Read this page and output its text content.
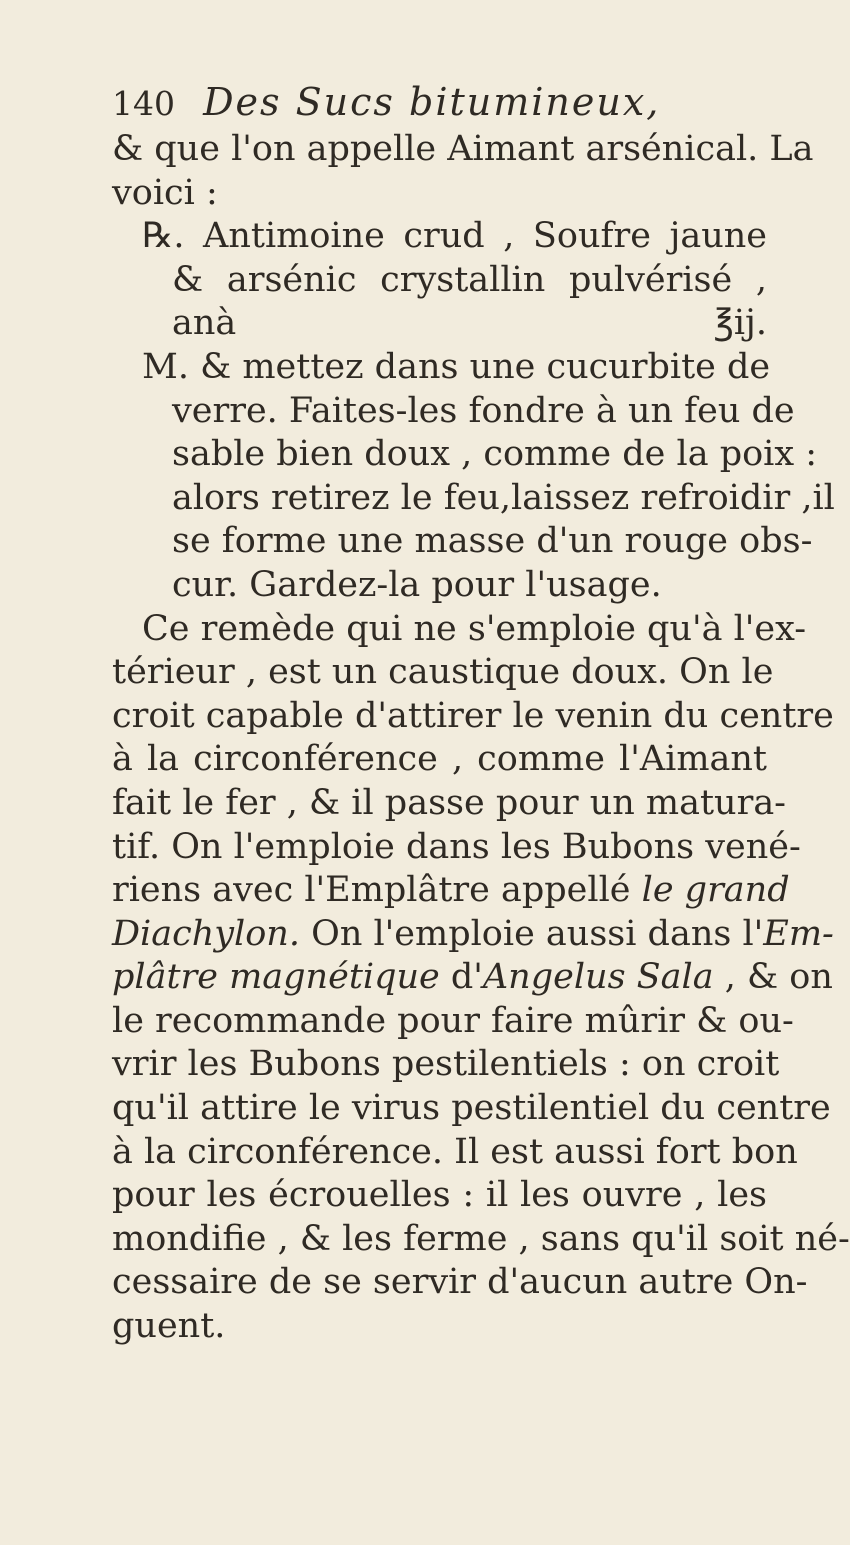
140 Des Sucs bitumineux,
& que l'on appelle Aimant arsénical. La
voici :
℞. Antimoine crud , Soufre jaune
& arsénic crystallin pulvérisé ,
anà	℥ij.
M. & mettez dans une cucurbite de
verre. Faites-les fondre à un feu de
sable bien doux , comme de la poix :
alors retirez le feu,laissez refroidir ,il
se forme une masse d'un rouge obs-
cur. Gardez-la pour l'usage.
Ce remède qui ne s'emploie qu'à l'ex-
térieur , est un caustique doux. On le
croit capable d'attirer le venin du centre
à la circonférence , comme l'Aimant
fait le fer , & il passe pour un matura-
tif. On l'emploie dans les Bubons vené-
riens avec l'Emplâtre appellé le grand
Diachylon. On l'emploie aussi dans l'Em-
plâtre magnétique d'Angelus Sala , & on
le recommande pour faire mûrir & ou-
vrir les Bubons pestilentiels : on croit
qu'il attire le virus pestilentiel du centre
à la circonférence. Il est aussi fort bon
pour les écrouelles : il les ouvre , les
mondifie , & les ferme , sans qu'il soit né-
cessaire de se servir d'aucun autre On-
guent.
